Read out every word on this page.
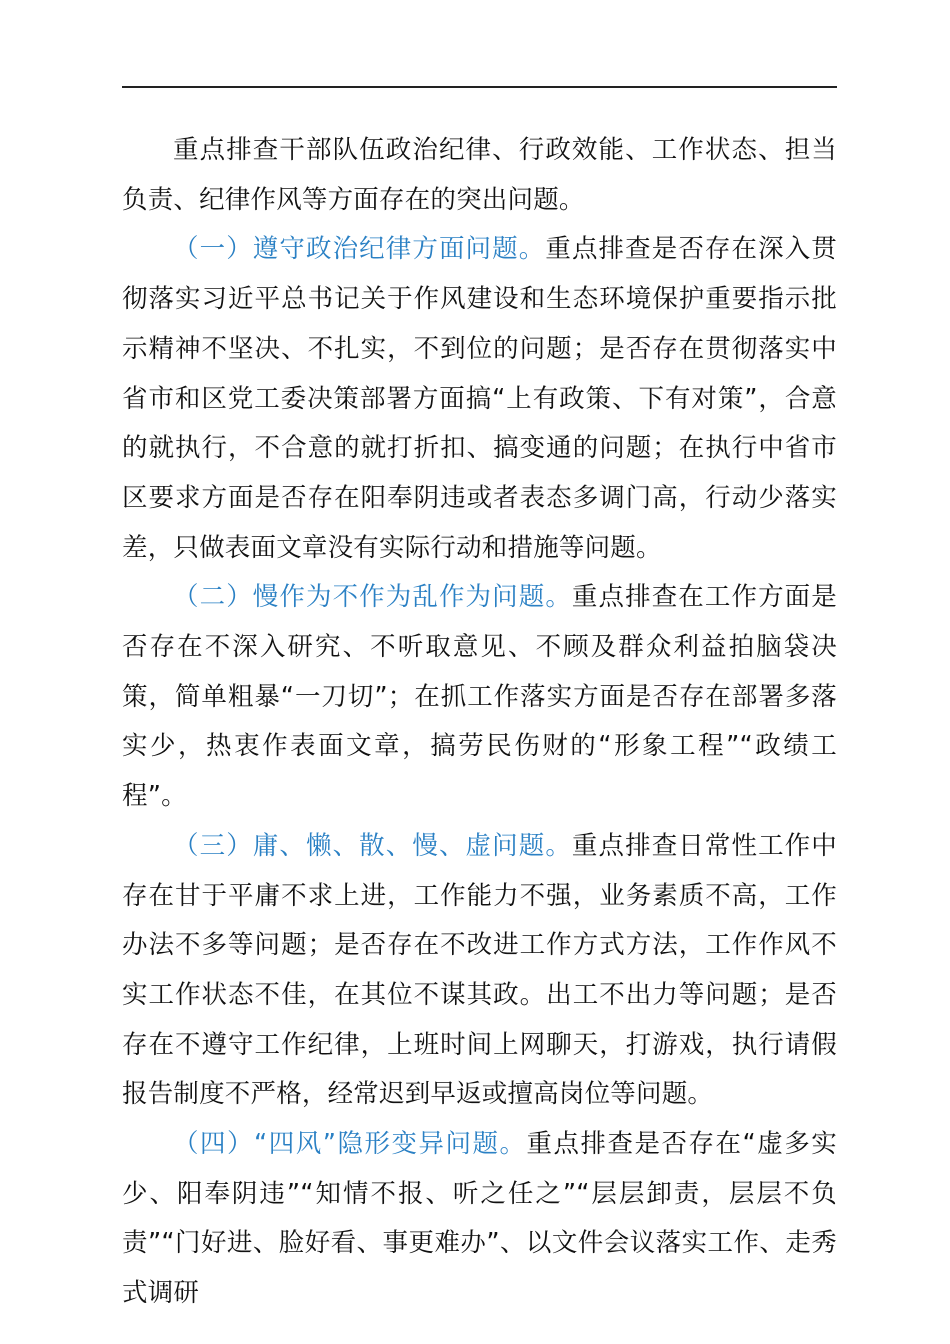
重点排查干部队伍政治纪律、行政效能、工作状态、担当负责、纪律作风等方面存在的突出问题。

（一）遵守政治纪律方面问题。重点排查是否存在深入贯彻落实习近平总书记关于作风建设和生态环境保护重要指示批示精神不坚决、不扎实，不到位的问题；是否存在贯彻落实中省市和区党工委决策部署方面搞“上有政策、下有对策”，合意的就执行，不合意的就打折扣、搞变通的问题；在执行中省市区要求方面是否存在阳奉阴违或者表态多调门高，行动少落实差，只做表面文章没有实际行动和措施等问题。

（二）慢作为不作为乱作为问题。重点排查在工作方面是否存在不深入研究、不听取意见、不顾及群众利益拍脑袋决策，简单粗暴“一刀切”；在抓工作落实方面是否存在部署多落实少，热衷作表面文章，搞劳民伤财的“形象工程”“政绩工程”。

（三）庸、懒、散、慢、虚问题。重点排查日常性工作中存在甘于平庸不求上进，工作能力不强，业务素质不高，工作办法不多等问题；是否存在不改进工作方式方法，工作作风不实工作状态不佳，在其位不谋其政。出工不出力等问题；是否存在不遵守工作纪律，上班时间上网聊天，打游戏，执行请假报告制度不严格，经常迟到早返或擅高岗位等问题。

（四）“四风”隐形变异问题。重点排查是否存在“虚多实少、阳奉阴违”“知情不报、听之任之”“层层卸责，层层不负责”“门好进、脸好看、事更难办”、以文件会议落实工作、走秀式调研
